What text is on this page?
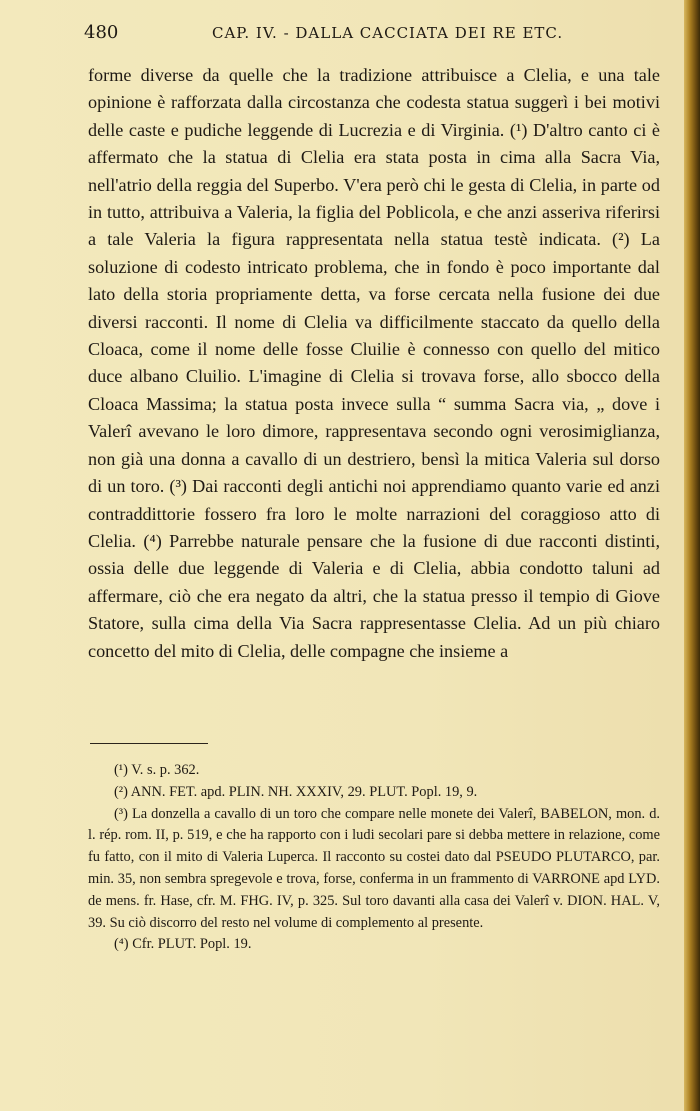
480	CAP. IV. - DALLA CACCIATA DEI RE ETC.

forme diverse da quelle che la tradizione attribuisce a Clelia, e una tale opinione è rafforzata dalla circostanza che codesta statua suggerì i bei motivi delle caste e pudiche leggende di Lucrezia e di Virginia. (¹) D'altro canto ci è affermato che la statua di Clelia era stata posta in cima alla Sacra Via, nell'atrio della reggia del Superbo. V'era però chi le gesta di Clelia, in parte od in tutto, attribuiva a Valeria, la figlia del Poblicola, e che anzi asseriva riferirsi a tale Valeria la figura rappresentata nella statua testè indicata. (²) La soluzione di codesto intricato problema, che in fondo è poco importante dal lato della storia propriamente detta, va forse cercata nella fusione dei due diversi racconti. Il nome di Clelia va difficilmente staccato da quello della Cloaca, come il nome delle fosse Cluilie è connesso con quello del mitico duce albano Cluilio. L'imagine di Clelia si trovava forse, allo sbocco della Cloaca Massima; la statua posta invece sulla “ summa Sacra via, „ dove i Valerî avevano le loro dimore, rappresentava secondo ogni verosimiglianza, non già una donna a cavallo di un destriero, bensì la mitica Valeria sul dorso di un toro. (³) Dai racconti degli antichi noi apprendiamo quanto varie ed anzi contraddittorie fossero fra loro le molte narrazioni del coraggioso atto di Clelia. (⁴) Parrebbe naturale pensare che la fusione di due racconti distinti, ossia delle due leggende di Valeria e di Clelia, abbia condotto taluni ad affermare, ciò che era negato da altri, che la statua presso il tempio di Giove Statore, sulla cima della Via Sacra rappresentasse Clelia. Ad un più chiaro concetto del mito di Clelia, delle compagne che insieme a

(¹) V. s. p. 362.

(²) ANN. FET. apd. PLIN. NH. XXXIV, 29. PLUT. Popl. 19, 9.

(³) La donzella a cavallo di un toro che compare nelle monete dei Valerî, BABELON, mon. d. l. rép. rom. II, p. 519, e che ha rapporto con i ludi secolari pare si debba mettere in relazione, come fu fatto, con il mito di Valeria Luperca. Il racconto su costei dato dal PSEUDO PLUTARCO, par. min. 35, non sembra spregevole e trova, forse, conferma in un frammento di VARRONE apd LYD. de mens. fr. Hase, cfr. M. FHG. IV, p. 325. Sul toro davanti alla casa dei Valerî v. DION. HAL. V, 39. Su ciò discorro del resto nel volume di complemento al presente.

(⁴) Cfr. PLUT. Popl. 19.
